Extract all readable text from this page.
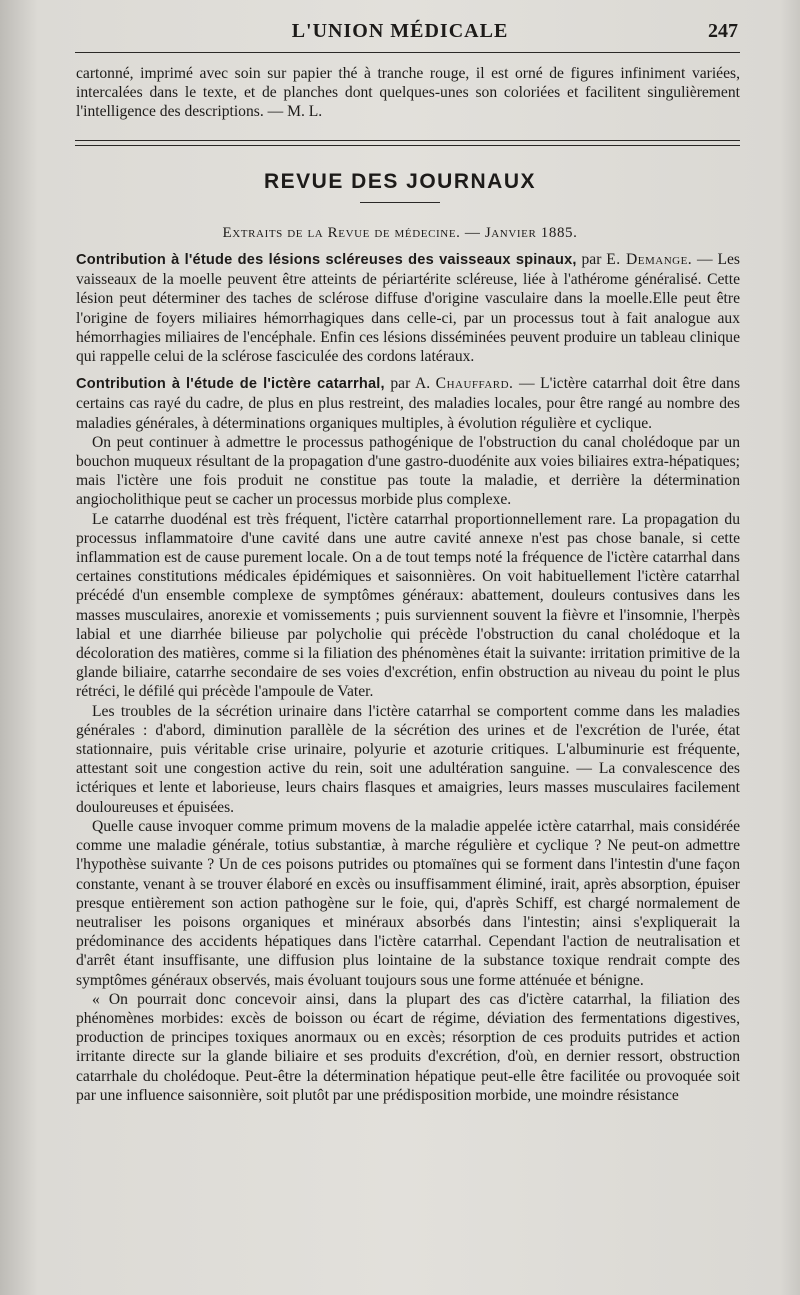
L'UNION MÉDICALE	247

cartonné, imprimé avec soin sur papier thé à tranche rouge, il est orné de figures infiniment variées, intercalées dans le texte, et de planches dont quelques-unes son coloriées et facilitent singulièrement l'intelligence des descriptions. — M. L.

REVUE DES JOURNAUX
Extraits de la Revue de médecine. — Janvier 1885.

Contribution à l'étude des lésions scléreuses des vaisseaux spinaux, par E. Demange. — Les vaisseaux de la moelle peuvent être atteints de périartérite scléreuse, liée à l'athérome généralisé. Cette lésion peut déterminer des taches de sclérose diffuse d'origine vasculaire dans la moelle.Elle peut être l'origine de foyers miliaires hémorrhagiques dans celle-ci, par un processus tout à fait analogue aux hémorrhagies miliaires de l'encéphale. Enfin ces lésions disséminées peuvent produire un tableau clinique qui rappelle celui de la sclérose fasciculée des cordons latéraux.

Contribution à l'étude de l'ictère catarrhal, par A. Chauffard. — L'ictère catarrhal doit être dans certains cas rayé du cadre, de plus en plus restreint, des maladies locales, pour être rangé au nombre des maladies générales, à déterminations organiques multiples, à évolution régulière et cyclique.

On peut continuer à admettre le processus pathogénique de l'obstruction du canal cholédoque par un bouchon muqueux résultant de la propagation d'une gastro-duodénite aux voies biliaires extra-hépatiques; mais l'ictère une fois produit ne constitue pas toute la maladie, et derrière la détermination angiocholithique peut se cacher un processus morbide plus complexe.

Le catarrhe duodénal est très fréquent, l'ictère catarrhal proportionnellement rare. La propagation du processus inflammatoire d'une cavité dans une autre cavité annexe n'est pas chose banale, si cette inflammation est de cause purement locale. On a de tout temps noté la fréquence de l'ictère catarrhal dans certaines constitutions médicales épidémiques et saisonnières. On voit habituellement l'ictère catarrhal précédé d'un ensemble complexe de symptômes généraux: abattement, douleurs contusives dans les masses musculaires, anorexie et vomissements ; puis surviennent souvent la fièvre et l'insomnie, l'herpès labial et une diarrhée bilieuse par polycholie qui précède l'obstruction du canal cholédoque et la décoloration des matières, comme si la filiation des phénomènes était la suivante: irritation primitive de la glande biliaire, catarrhe secondaire de ses voies d'excrétion, enfin obstruction au niveau du point le plus rétréci, le défilé qui précède l'ampoule de Vater.

Les troubles de la sécrétion urinaire dans l'ictère catarrhal se comportent comme dans les maladies générales : d'abord, diminution parallèle de la sécrétion des urines et de l'excrétion de l'urée, état stationnaire, puis véritable crise urinaire, polyurie et azoturie critiques. L'albuminurie est fréquente, attestant soit une congestion active du rein, soit une adultération sanguine. — La convalescence des ictériques et lente et laborieuse, leurs chairs flasques et amaigries, leurs masses musculaires facilement douloureuses et épuisées.

Quelle cause invoquer comme primum movens de la maladie appelée ictère catarrhal, mais considérée comme une maladie générale, totius substantiæ, à marche régulière et cyclique ? Ne peut-on admettre l'hypothèse suivante ? Un de ces poisons putrides ou ptomaïnes qui se forment dans l'intestin d'une façon constante, venant à se trouver élaboré en excès ou insuffisamment éliminé, irait, après absorption, épuiser presque entièrement son action pathogène sur le foie, qui, d'après Schiff, est chargé normalement de neutraliser les poisons organiques et minéraux absorbés dans l'intestin; ainsi s'expliquerait la prédominance des accidents hépatiques dans l'ictère catarrhal. Cependant l'action de neutralisation et d'arrêt étant insuffisante, une diffusion plus lointaine de la substance toxique rendrait compte des symptômes généraux observés, mais évoluant toujours sous une forme atténuée et bénigne.

« On pourrait donc concevoir ainsi, dans la plupart des cas d'ictère catarrhal, la filiation des phénomènes morbides: excès de boisson ou écart de régime, déviation des fermentations digestives, production de principes toxiques anormaux ou en excès; résorption de ces produits putrides et action irritante directe sur la glande biliaire et ses produits d'excrétion, d'où, en dernier ressort, obstruction catarrhale du cholédoque. Peut-être la détermination hépatique peut-elle être facilitée ou provoquée soit par une influence saisonnière, soit plutôt par une prédisposition morbide, une moindre résistance
